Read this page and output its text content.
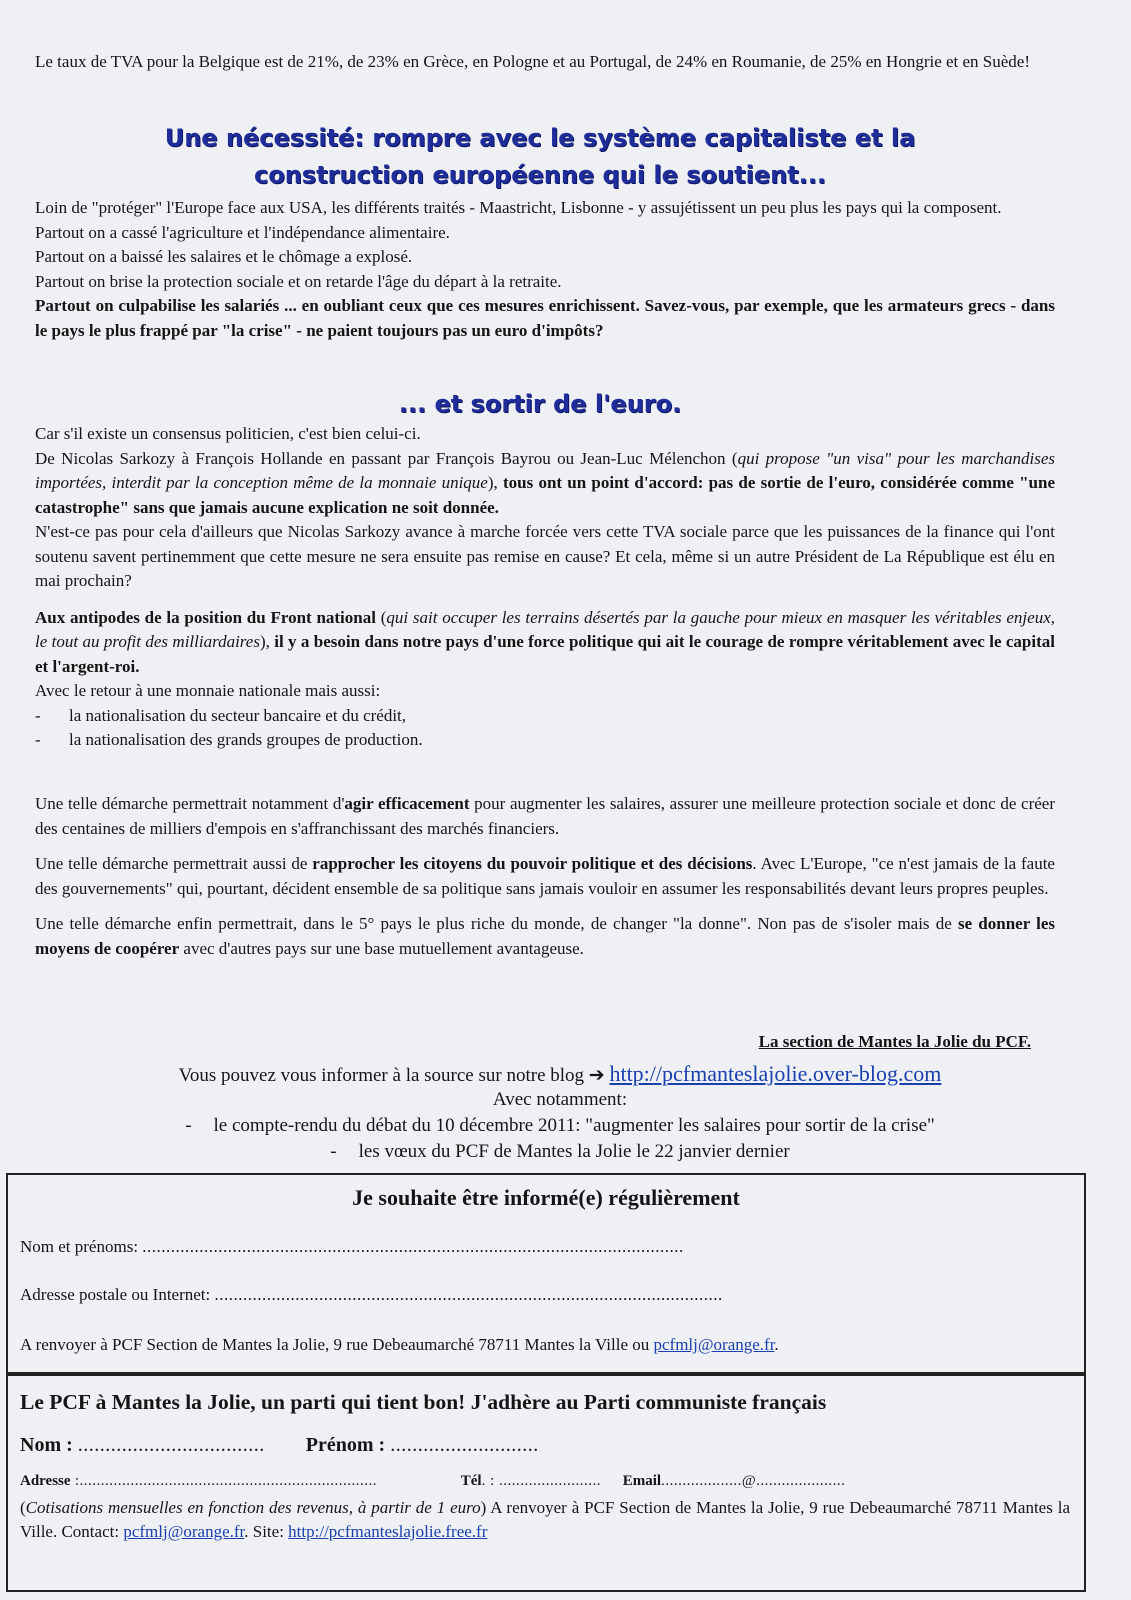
Le taux de TVA pour la Belgique est de 21%, de 23% en Grèce, en Pologne et au Portugal, de 24% en Roumanie, de 25% en Hongrie et en Suède!

Une nécessité: rompre avec le système capitaliste et la
construction européenne qui le soutient...

Loin de "protéger" l'Europe face aux USA, les différents traités - Maastricht, Lisbonne - y assujétissent un peu plus les pays qui la composent.

Partout on a cassé l'agriculture et l'indépendance alimentaire.

Partout on a baissé les salaires et le chômage a explosé.

Partout on brise la protection sociale et on retarde l'âge du départ à la retraite.

Partout on culpabilise les salariés ... en oubliant ceux que ces mesures enrichissent. Savez-vous, par exemple, que les armateurs grecs - dans le pays le plus frappé par "la crise" - ne paient toujours pas un euro d'impôts?

... et sortir de l'euro.

Car s'il existe un consensus politicien, c'est bien celui-ci.

De Nicolas Sarkozy à François Hollande en passant par François Bayrou ou Jean-Luc Mélenchon (qui propose "un visa" pour les marchandises importées, interdit par la conception même de la monnaie unique), tous ont un point d'accord: pas de sortie de l'euro, considérée comme "une catastrophe" sans que jamais aucune explication ne soit donnée.

N'est-ce pas pour cela d'ailleurs que Nicolas Sarkozy avance à marche forcée vers cette TVA sociale parce que les puissances de la finance qui l'ont soutenu savent pertinemment que cette mesure ne sera ensuite pas remise en cause? Et cela, même si un autre Président de La République est élu en mai prochain?

Aux antipodes de la position du Front national (qui sait occuper les terrains désertés par la gauche pour mieux en masquer les véritables enjeux, le tout au profit des milliardaires), il y a besoin dans notre pays d'une force politique qui ait le courage de rompre véritablement avec le capital et l'argent-roi.

Avec le retour à une monnaie nationale mais aussi:

-	la nationalisation du secteur bancaire et du crédit,
-	la nationalisation des grands groupes de production.

Une telle démarche permettrait notamment d'agir efficacement pour augmenter les salaires, assurer une meilleure protection sociale et donc de créer des centaines de milliers d'empois en s'affranchissant des marchés financiers.

Une telle démarche permettrait aussi de rapprocher les citoyens du pouvoir politique et des décisions. Avec L'Europe, "ce n'est jamais de la faute des gouvernements" qui, pourtant, décident ensemble de sa politique sans jamais vouloir en assumer les responsabilités devant leurs propres peuples.

Une telle démarche enfin permettrait, dans le 5° pays le plus riche du monde, de changer "la donne". Non pas de s'isoler mais de se donner les moyens de coopérer avec d'autres pays sur une base mutuellement avantageuse.

La section de Mantes la Jolie du PCF.
Vous pouvez vous informer à la source sur notre blog ➔ http://pcfmanteslajolie.over-blog.com
Avec notamment:
- le compte-rendu du débat du 10 décembre 2011: "augmenter les salaires pour sortir de la crise"
- les vœux du PCF de Mantes la Jolie le 22 janvier dernier
Je souhaite être informé(e) régulièrement
Nom et prénoms: ..................................................................................................................
Adresse postale ou Internet: ...........................................................................................................
A renvoyer à PCF Section de Mantes la Jolie, 9 rue Debeaumarché 78711 Mantes la Ville ou pcfmlj@orange.fr.
Le PCF à Mantes la Jolie, un parti qui tient bon! J'adhère au Parti communiste français
Nom : .................................. Prénom : ...........................
Adresse :......................................................................	Tél. : ........................ Email...................@.....................
(Cotisations mensuelles en fonction des revenus, à partir de 1 euro) A renvoyer à PCF Section de Mantes la Jolie, 9 rue Debeaumarché 78711 Mantes la Ville. Contact: pcfmlj@orange.fr. Site: http://pcfmanteslajolie.free.fr
